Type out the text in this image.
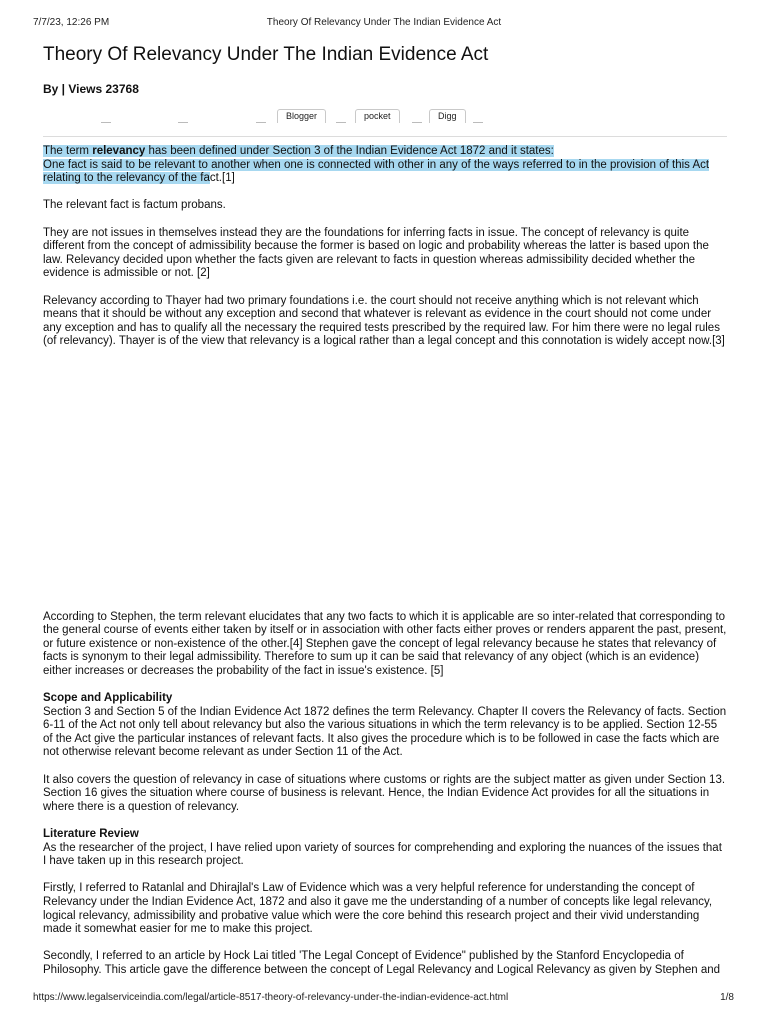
Theory Of Relevancy Under The Indian Evidence Act
7/7/23, 12:26 PM
Theory Of Relevancy Under The Indian Evidence Act
By | Views 23768
Blogger	pocket	Digg

The term relevancy has been defined under Section 3 of the Indian Evidence Act 1872 and it states:
One fact is said to be relevant to another when one is connected with other in any of the ways referred to in the provision of this Act relating to the relevancy of the fact.[1]

The relevant fact is factum probans.

They are not issues in themselves instead they are the foundations for inferring facts in issue. The concept of relevancy is quite different from the concept of admissibility because the former is based on logic and probability whereas the latter is based upon the law. Relevancy decided upon whether the facts given are relevant to facts in question whereas admissibility decided whether the evidence is admissible or not. [2]

Relevancy according to Thayer had two primary foundations i.e. the court should not receive anything which is not relevant which means that it should be without any exception and second that whatever is relevant as evidence in the court should not come under any exception and has to qualify all the necessary the required tests prescribed by the required law. For him there were no legal rules (of relevancy). Thayer is of the view that relevancy is a logical rather than a legal concept and this connotation is widely accept now.[3]

According to Stephen, the term relevant elucidates that any two facts to which it is applicable are so inter-related that corresponding to the general course of events either taken by itself or in association with other facts either proves or renders apparent the past, present, or future existence or non-existence of the other.[4] Stephen gave the concept of legal relevancy because he states that relevancy of facts is synonym to their legal admissibility. Therefore to sum up it can be said that relevancy of any object (which is an evidence) either increases or decreases the probability of the fact in issue's existence. [5]

Scope and Applicability

Section 3 and Section 5 of the Indian Evidence Act 1872 defines the term Relevancy. Chapter II covers the Relevancy of facts. Section 6-11 of the Act not only tell about relevancy but also the various situations in which the term relevancy is to be applied. Section 12-55 of the Act give the particular instances of relevant facts. It also gives the procedure which is to be followed in case the facts which are not otherwise relevant become relevant as under Section 11 of the Act.

It also covers the question of relevancy in case of situations where customs or rights are the subject matter as given under Section 13. Section 16 gives the situation where course of business is relevant. Hence, the Indian Evidence Act provides for all the situations in where there is a question of relevancy.

Literature Review

As the researcher of the project, I have relied upon variety of sources for comprehending and exploring the nuances of the issues that I have taken up in this research project.

Firstly, I referred to Ratanlal and Dhirajlal's Law of Evidence which was a very helpful reference for understanding the concept of Relevancy under the Indian Evidence Act, 1872 and also it gave me the understanding of a number of concepts like legal relevancy, logical relevancy, admissibility and probative value which were the core behind this research project and their vivid understanding made it somewhat easier for me to make this project.

Secondly, I referred to an article by Hock Lai titled 'The Legal Concept of Evidence" published by the Stanford Encyclopedia of Philosophy. This article gave the difference between the concept of Legal Relevancy and Logical Relevancy as given by Stephen and

https://www.legalserviceindia.com/legal/article-8517-theory-of-relevancy-under-the-indian-evidence-act.html	1/8
